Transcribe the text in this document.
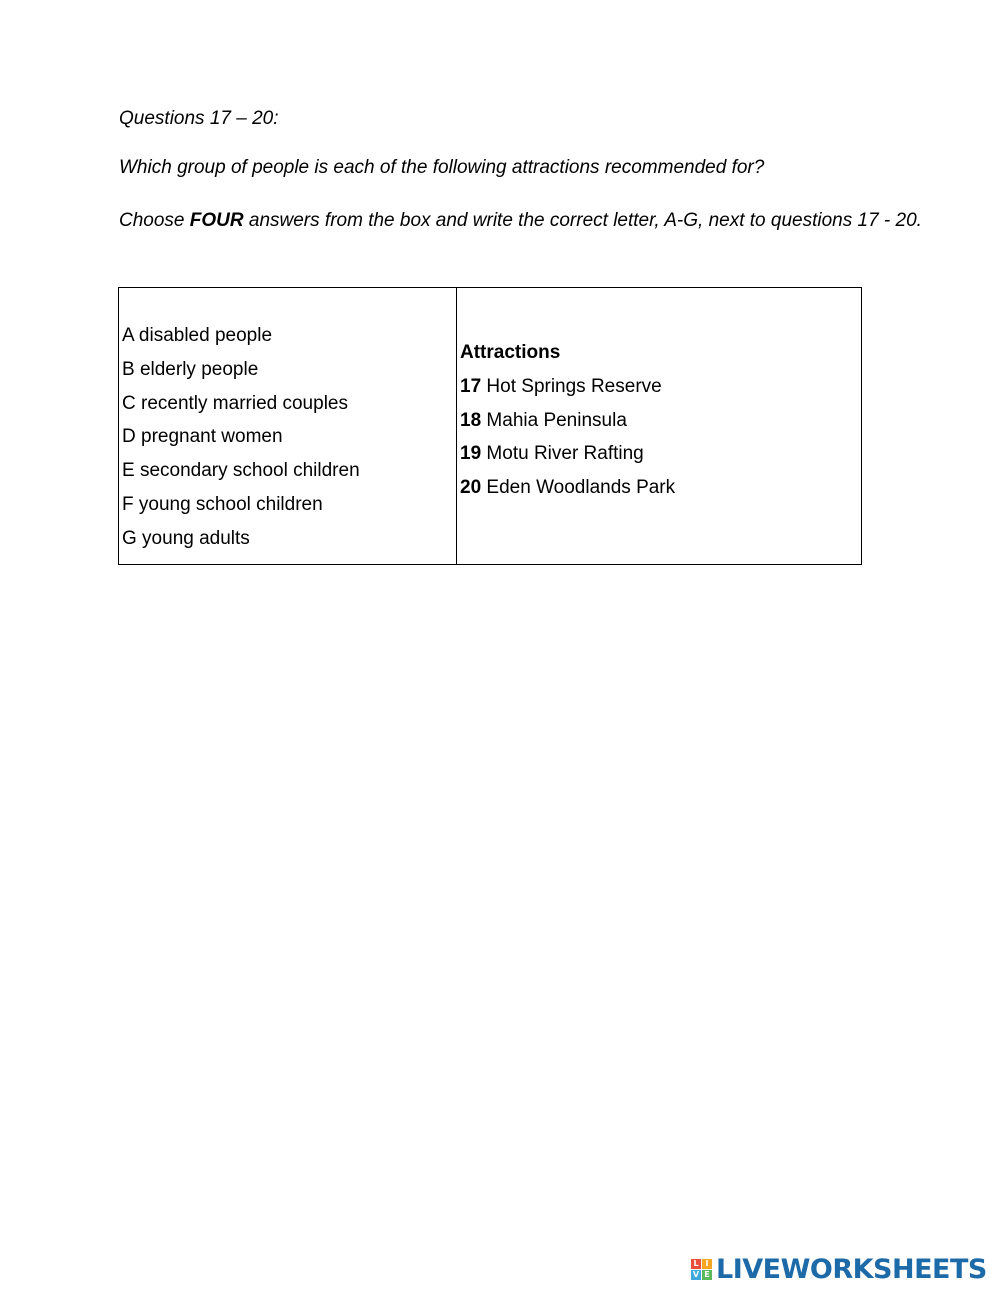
Questions 17 – 20:

Which group of people is each of the following attractions recommended for?

Choose FOUR answers from the box and write the correct letter, A-G, next to questions 17 - 20.

A disabled people
B elderly people
C recently married couples
D pregnant women
E secondary school children
F young school children
G young adults

Attractions
17 Hot Springs Reserve
18 Mahia Peninsula
19 Motu River Rafting
20 Eden Woodlands Park
L I
V E LIVEWORKSHEETS
